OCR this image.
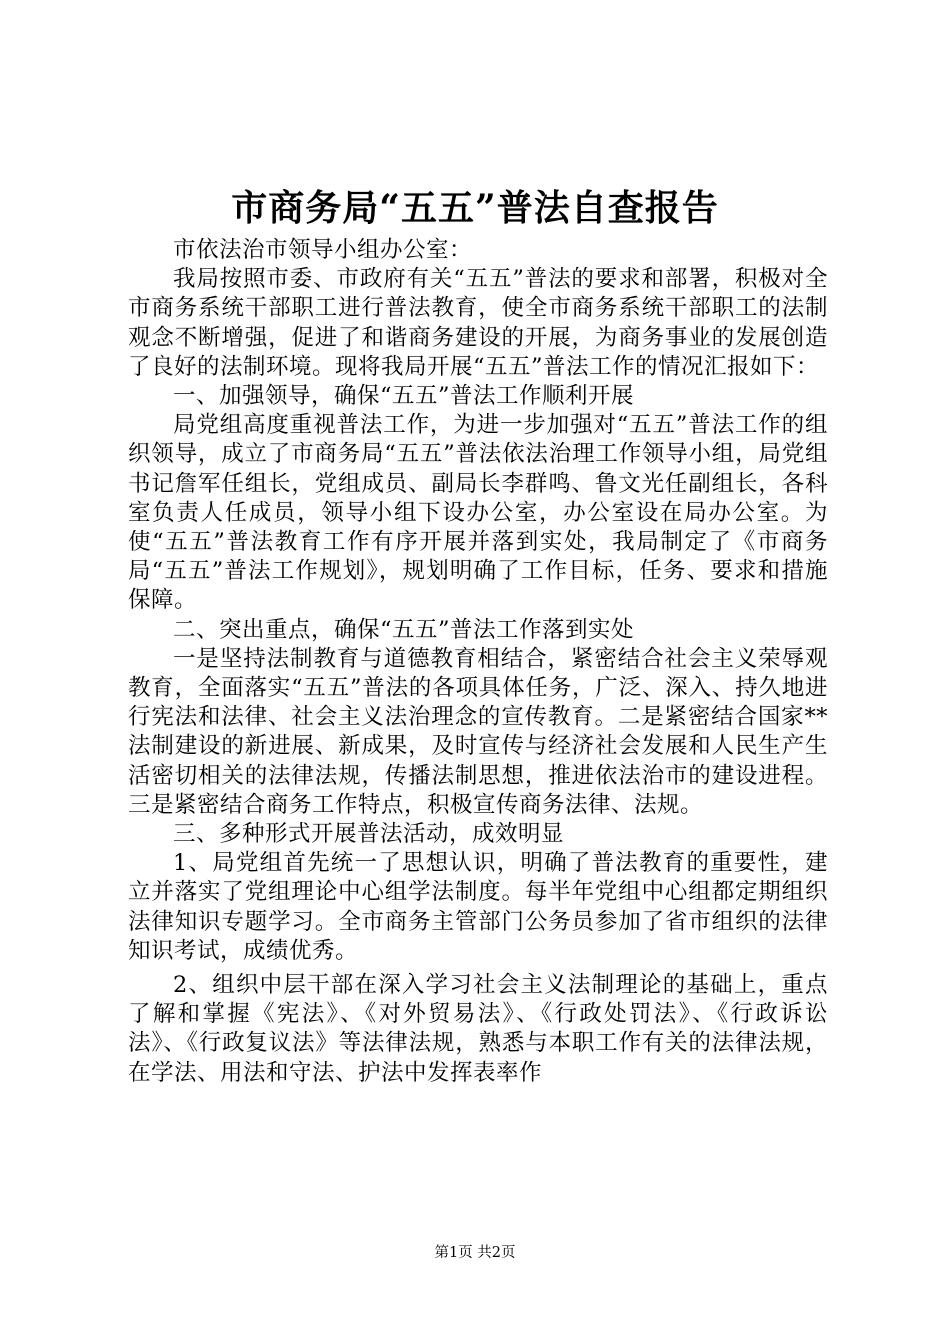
市商务局“五五”普法自查报告

市依法治市领导小组办公室：

我局按照市委、市政府有关“五五”普法的要求和部署，积极对全市商务系统干部职工进行普法教育，使全市商务系统干部职工的法制观念不断增强，促进了和谐商务建设的开展，为商务事业的发展创造了良好的法制环境。现将我局开展“五五”普法工作的情况汇报如下：

一、加强领导，确保“五五”普法工作顺利开展

局党组高度重视普法工作，为进一步加强对“五五”普法工作的组织领导，成立了市商务局“五五”普法依法治理工作领导小组，局党组书记詹军任组长，党组成员、副局长李群鸣、鲁文光任副组长，各科室负责人任成员，领导小组下设办公室，办公室设在局办公室。为使“五五”普法教育工作有序开展并落到实处，我局制定了《市商务局“五五”普法工作规划》，规划明确了工作目标，任务、要求和措施保障。

二、突出重点，确保“五五”普法工作落到实处

一是坚持法制教育与道德教育相结合，紧密结合社会主义荣辱观教育，全面落实“五五”普法的各项具体任务，广泛、深入、持久地进行宪法和法律、社会主义法治理念的宣传教育。二是紧密结合国家**法制建设的新进展、新成果，及时宣传与经济社会发展和人民生产生活密切相关的法律法规，传播法制思想，推进依法治市的建设进程。三是紧密结合商务工作特点，积极宣传商务法律、法规。

三、多种形式开展普法活动，成效明显

1、局党组首先统一了思想认识，明确了普法教育的重要性，建立并落实了党组理论中心组学法制度。每半年党组中心组都定期组织法律知识专题学习。全市商务主管部门公务员参加了省市组织的法律知识考试，成绩优秀。

2、组织中层干部在深入学习社会主义法制理论的基础上，重点了解和掌握《宪法》、《对外贸易法》、《行政处罚法》、《行政诉讼法》、《行政复议法》等法律法规，熟悉与本职工作有关的法律法规，在学法、用法和守法、护法中发挥表率作

第1页 共2页
